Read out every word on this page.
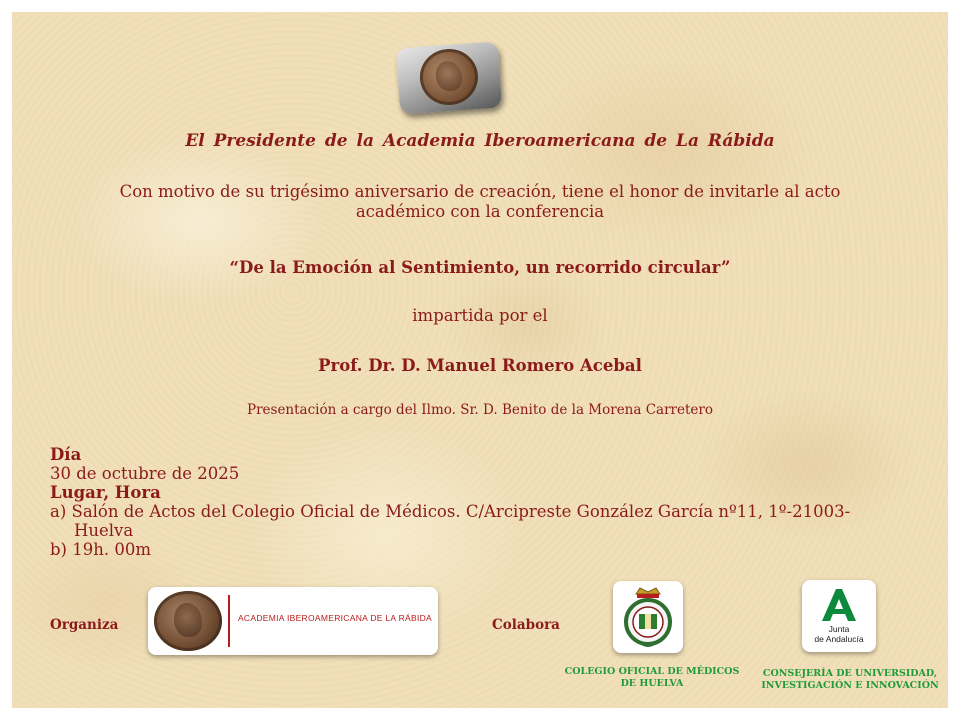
El Presidente de la Academia Iberoamericana de La Rábida
Con motivo de su trigésimo aniversario de creación, tiene el honor de invitarle al acto
académico con la conferencia
“De la Emoción al Sentimiento, un recorrido circular”
impartida por el
Prof. Dr. D. Manuel Romero Acebal
Presentación a cargo del Ilmo. Sr. D. Benito de la Morena Carretero
Día
30 de octubre de 2025
Lugar, Hora
a) Salón de Actos del Colegio Oficial de Médicos. C/Arcipreste González García nº11, 1º-21003-
Huelva
b) 19h. 00m
Organiza	ACADEMIA IBEROAMERICANA DE LA RÁBIDA	Colabora	Junta
de Andalucía
COLEGIO OFICIAL DE MÉDICOS
DE HUELVA
CONSEJERÍA DE UNIVERSIDAD,
INVESTIGACIÓN E INNOVACIÓN
